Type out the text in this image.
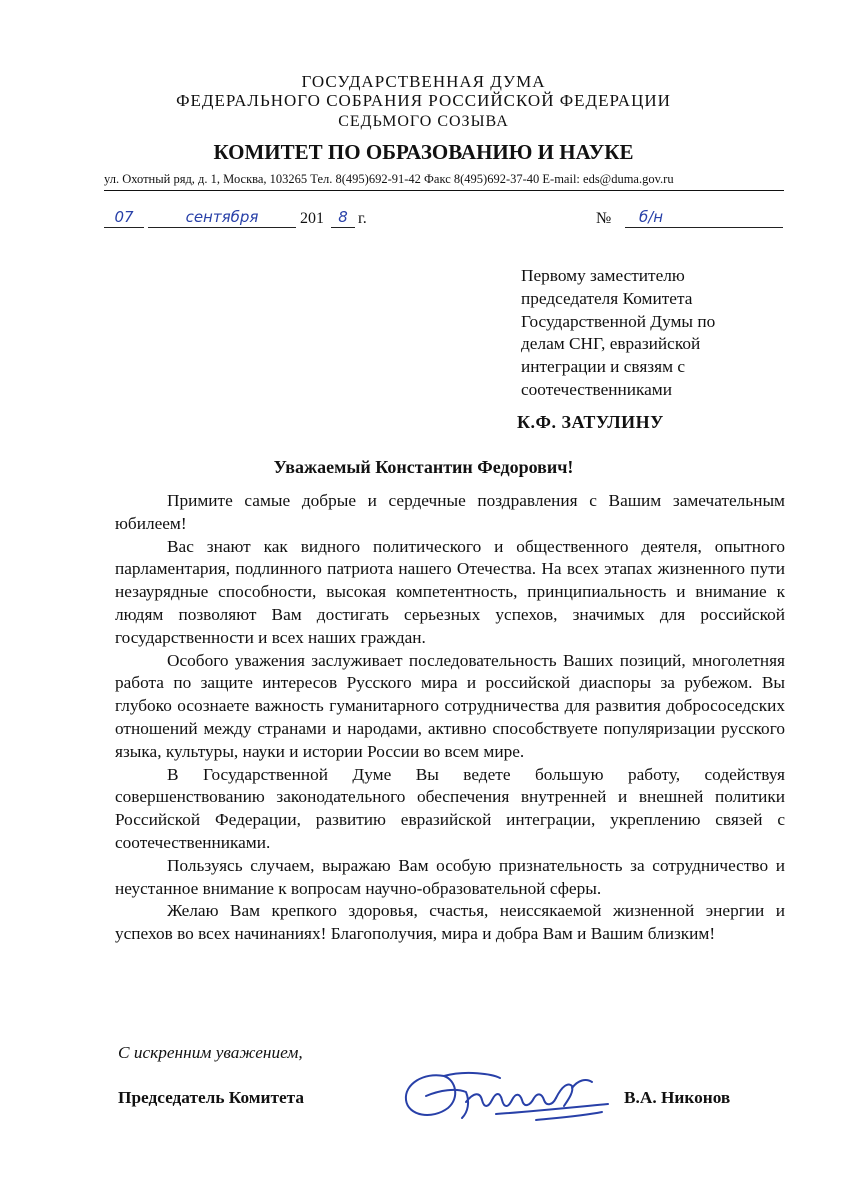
ГОСУДАРСТВЕННАЯ ДУМА
ФЕДЕРАЛЬНОГО СОБРАНИЯ РОССИЙСКОЙ ФЕДЕРАЦИИ
СЕДЬМОГО СОЗЫВА
КОМИТЕТ ПО ОБРАЗОВАНИЮ И НАУКЕ
ул. Охотный ряд, д. 1, Москва, 103265 Тел. 8(495)692-91-42 Факс 8(495)692-37-40 E-mail: eds@duma.gov.ru
07	сентября	201 8 г.	№	б/н
Первому заместителю
председателя Комитета
Государственной Думы по
делам СНГ, евразийской
интеграции и связям с
соотечественниками
К.Ф. ЗАТУЛИНУ
Уважаемый Константин Федорович!

Примите самые добрые и сердечные поздравления с Вашим замечательным юбилеем!

Вас знают как видного политического и общественного деятеля, опытного парламентария, подлинного патриота нашего Отечества. На всех этапах жизненного пути незаурядные способности, высокая компетентность, принципиальность и внимание к людям позволяют Вам достигать серьезных успехов, значимых для российской государственности и всех наших граждан.

Особого уважения заслуживает последовательность Ваших позиций, многолетняя работа по защите интересов Русского мира и российской диаспоры за рубежом. Вы глубоко осознаете важность гуманитарного сотрудничества для развития добрососедских отношений между странами и народами, активно способствуете популяризации русского языка, культуры, науки и истории России во всем мире.

В Государственной Думе Вы ведете большую работу, содействуя совершенствованию законодательного обеспечения внутренней и внешней политики Российской Федерации, развитию евразийской интеграции, укреплению связей с соотечественниками.

Пользуясь случаем, выражаю Вам особую признательность за сотрудничество и неустанное внимание к вопросам научно-образовательной сферы.

Желаю Вам крепкого здоровья, счастья, неиссякаемой жизненной энергии и успехов во всех начинаниях! Благополучия, мира и добра Вам и Вашим близким!

С искренним уважением,
Председатель Комитета	В.А. Никонов
